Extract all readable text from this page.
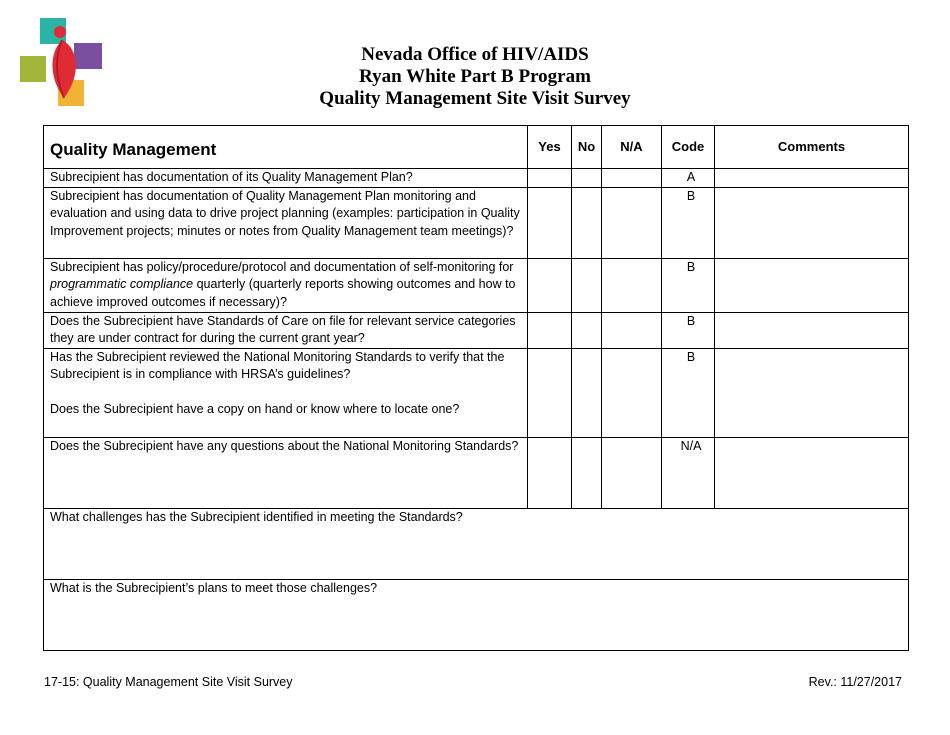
Nevada Office of HIV/AIDS
Ryan White Part B Program
Quality Management Site Visit Survey
Quality Management	Yes	No	N/A	Code	Comments
Subrecipient has documentation of its Quality Management Plan?				A	
Subrecipient has documentation of Quality Management Plan monitoring and evaluation and using data to drive project planning (examples: participation in Quality Improvement projects; minutes or notes from Quality Management team meetings)?				B	
Subrecipient has policy/procedure/protocol and documentation of self-monitoring for programmatic compliance quarterly (quarterly reports showing outcomes and how to achieve improved outcomes if necessary)?				B	
Does the Subrecipient have Standards of Care on file for relevant service categories they are under contract for during the current grant year?				B	

Has the Subrecipient reviewed the National Monitoring Standards to verify that the Subrecipient is in compliance with HRSA’s guidelines?
Does the Subrecipient have a copy on hand or know where to locate one?				B	
Does the Subrecipient have any questions about the National Monitoring Standards?				N/A	
What challenges has the Subrecipient identified in meeting the Standards?					
What is the Subrecipient’s plans to meet those challenges?					
17-15: Quality Management Site Visit Survey	Rev.: 11/27/2017
